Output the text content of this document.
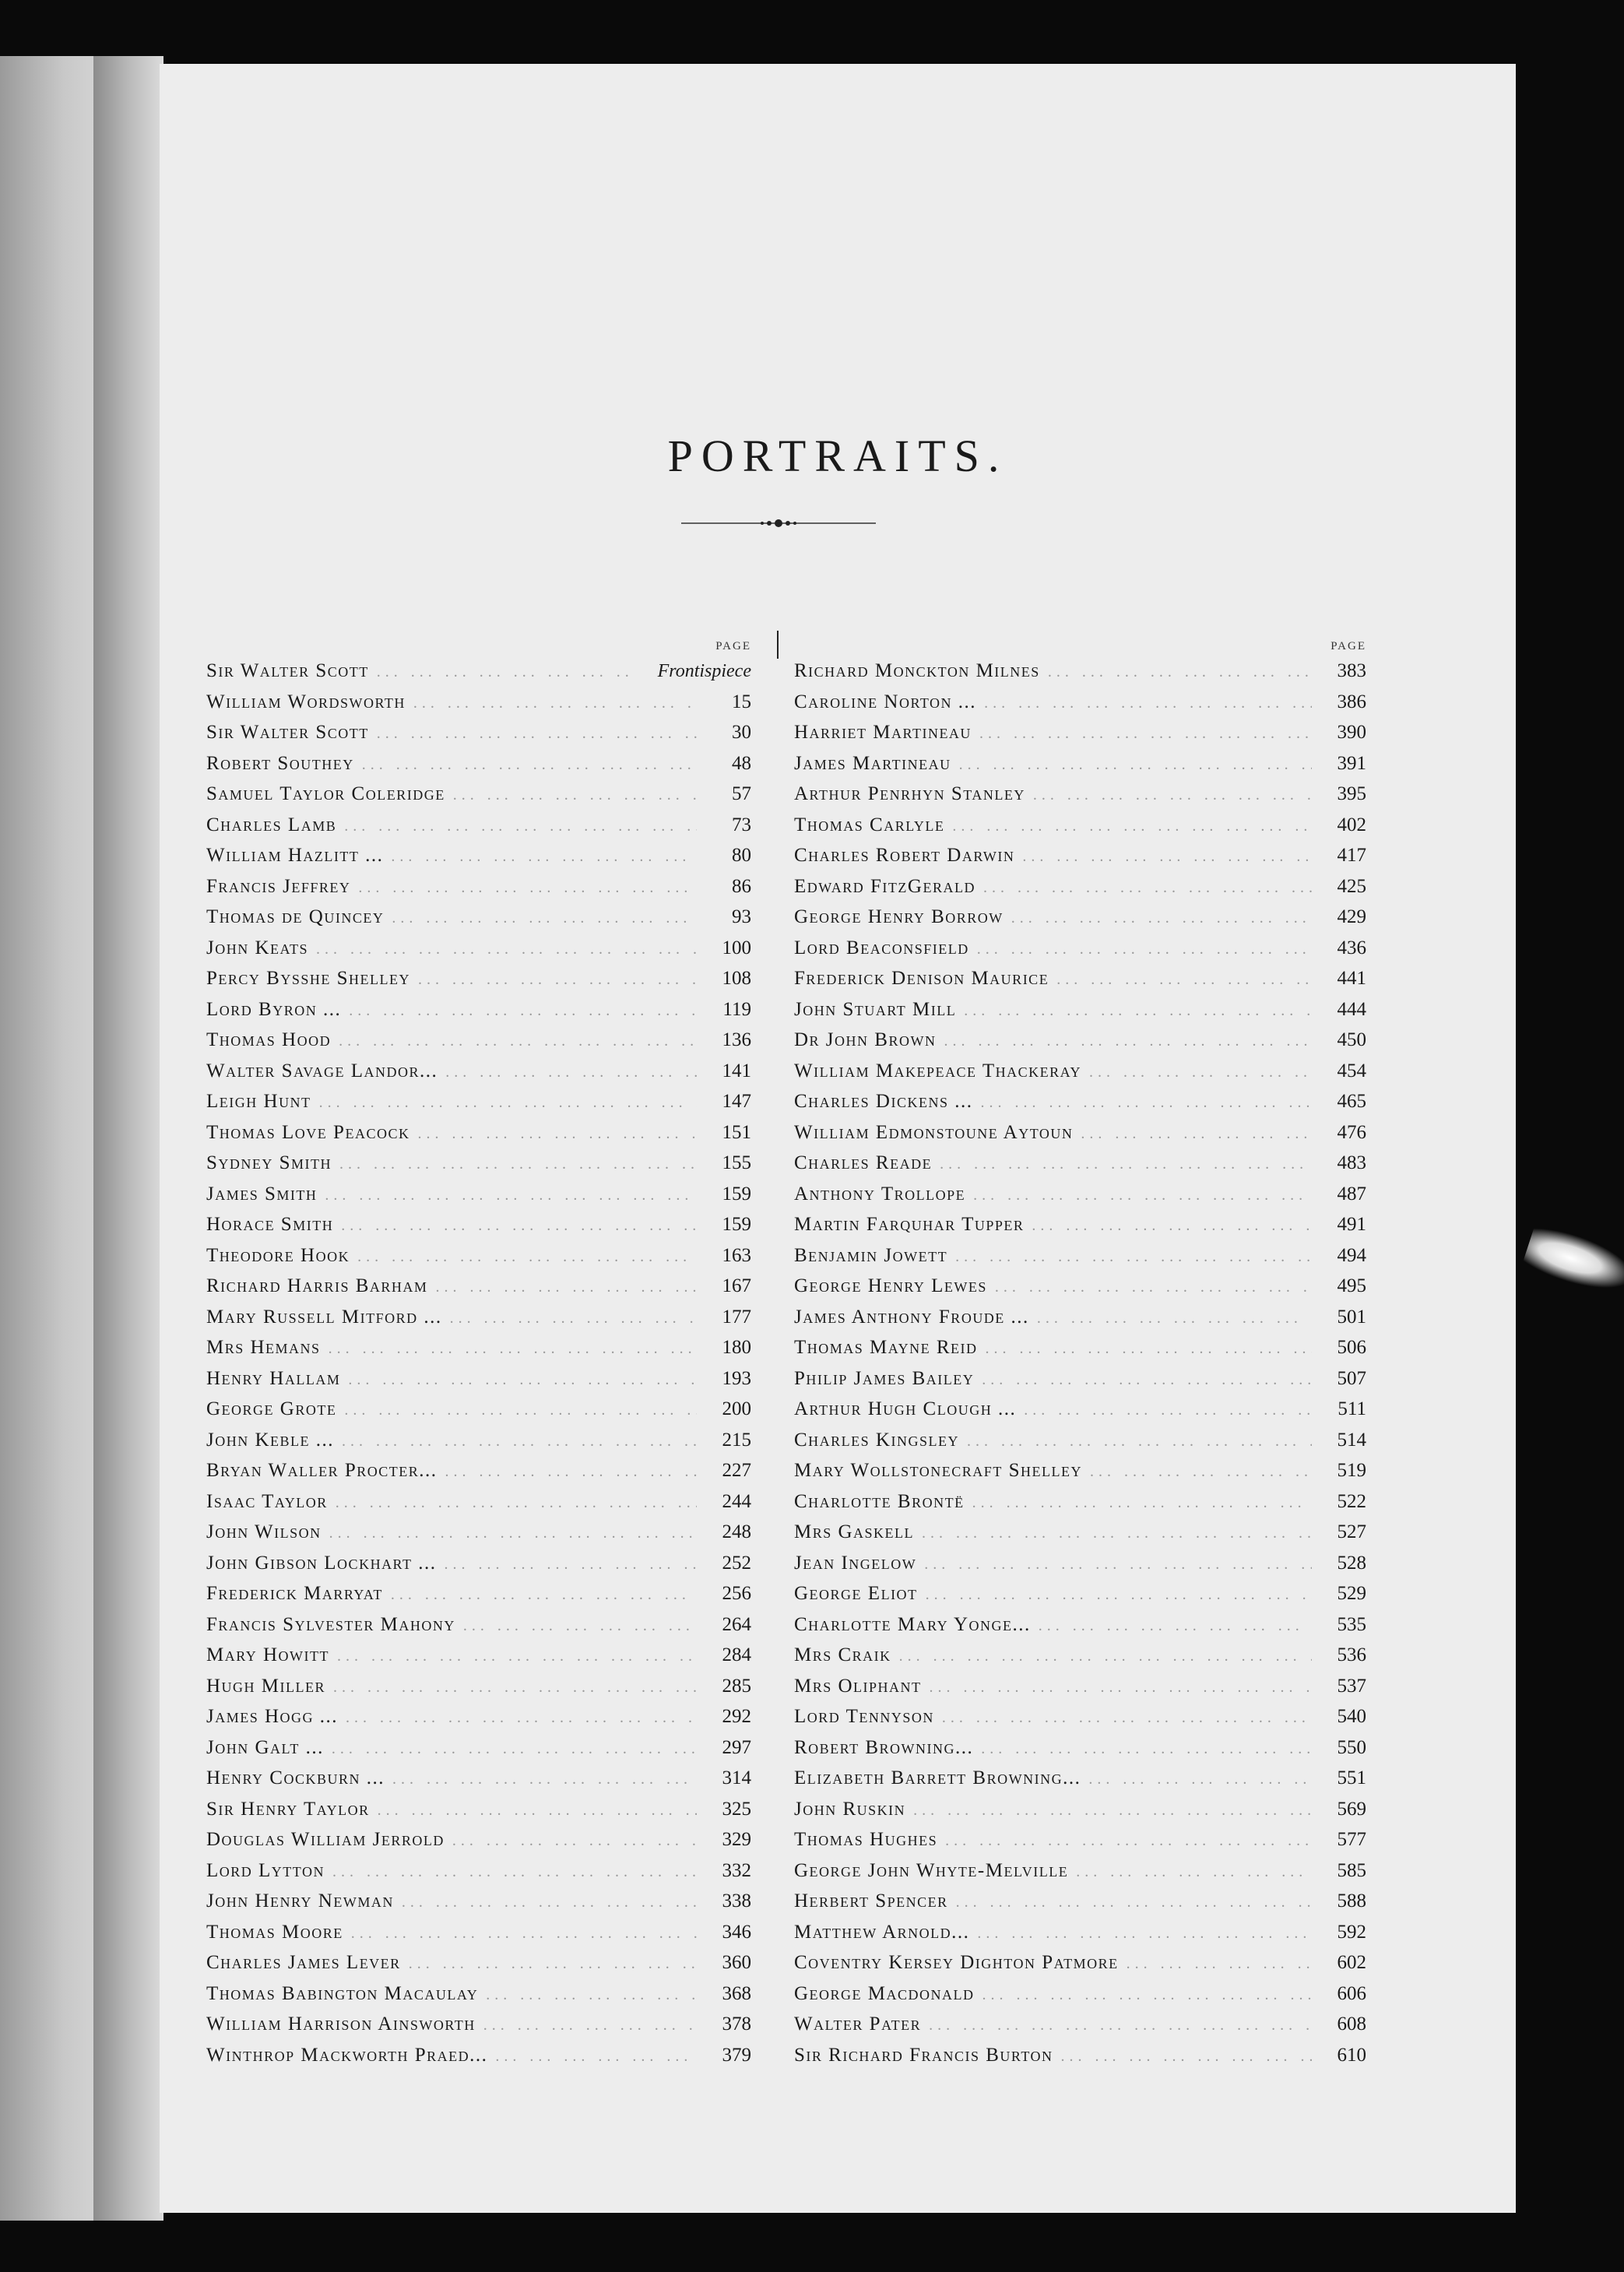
PORTRAITS.
PAGE
Sir Walter Scott ... .	Frontispiece
William Wordsworth ... .	15
Sir Walter Scott ... .	30
Robert Southey ... .	48
Samuel Taylor Coleridge ... .	57
Charles Lamb ... .	73
William Hazlitt ... ... .	80
Francis Jeffrey ... .	86
Thomas de Quincey ... .	93
John Keats ... .	100
Percy Bysshe Shelley ... .	108
Lord Byron ... ... .	119
Thomas Hood ... .	136
Walter Savage Landor... ... .	141
Leigh Hunt ... .	147
Thomas Love Peacock ... .	151
Sydney Smith ... .	155
James Smith ... .	159
Horace Smith ... .	159
Theodore Hook ... .	163
Richard Harris Barham ... .	167
Mary Russell Mitford ... ... .	177
Mrs Hemans ... .	180
Henry Hallam ... .	193
George Grote ... .	200
John Keble ... ... .	215
Bryan Waller Procter... ... .	227
Isaac Taylor ... .	244
John Wilson ... .	248
John Gibson Lockhart ... ... .	252
Frederick Marryat ... .	256
Francis Sylvester Mahony ... .	264
Mary Howitt ... .	284
Hugh Miller ... .	285
James Hogg ... ... .	292
John Galt ... ... .	297
Henry Cockburn ... ... .	314
Sir Henry Taylor ... .	325
Douglas William Jerrold ... .	329
Lord Lytton ... .	332
John Henry Newman ... .	338
Thomas Moore ... .	346
Charles James Lever ... .	360
Thomas Babington Macaulay ... .	368
William Harrison Ainsworth ... .	378
Winthrop Mackworth Praed... ... .	379
PAGE
Richard Monckton Milnes ... .	383
Caroline Norton ... ... .	386
Harriet Martineau ... .	390
James Martineau ... .	391
Arthur Penrhyn Stanley ... .	395
Thomas Carlyle ... .	402
Charles Robert Darwin ... .	417
Edward FitzGerald ... .	425
George Henry Borrow ... .	429
Lord Beaconsfield ... .	436
Frederick Denison Maurice ... .	441
John Stuart Mill ... .	444
Dr John Brown ... .	450
William Makepeace Thackeray ... .	454
Charles Dickens ... ... .	465
William Edmonstoune Aytoun ... .	476
Charles Reade ... .	483
Anthony Trollope ... .	487
Martin Farquhar Tupper ... .	491
Benjamin Jowett ... .	494
George Henry Lewes ... .	495
James Anthony Froude ... ... .	501
Thomas Mayne Reid ... .	506
Philip James Bailey ... .	507
Arthur Hugh Clough ... ... .	511
Charles Kingsley ... .	514
Mary Wollstonecraft Shelley ... .	519
Charlotte Brontë ... .	522
Mrs Gaskell ... .	527
Jean Ingelow ... .	528
George Eliot ... .	529
Charlotte Mary Yonge... ... .	535
Mrs Craik ... .	536
Mrs Oliphant ... .	537
Lord Tennyson ... .	540
Robert Browning... ... .	550
Elizabeth Barrett Browning... ... .	551
John Ruskin ... .	569
Thomas Hughes ... .	577
George John Whyte-Melville ... .	585
Herbert Spencer ... .	588
Matthew Arnold... ... .	592
Coventry Kersey Dighton Patmore ... .	602
George Macdonald ... .	606
Walter Pater ... .	608
Sir Richard Francis Burton ... .	610
